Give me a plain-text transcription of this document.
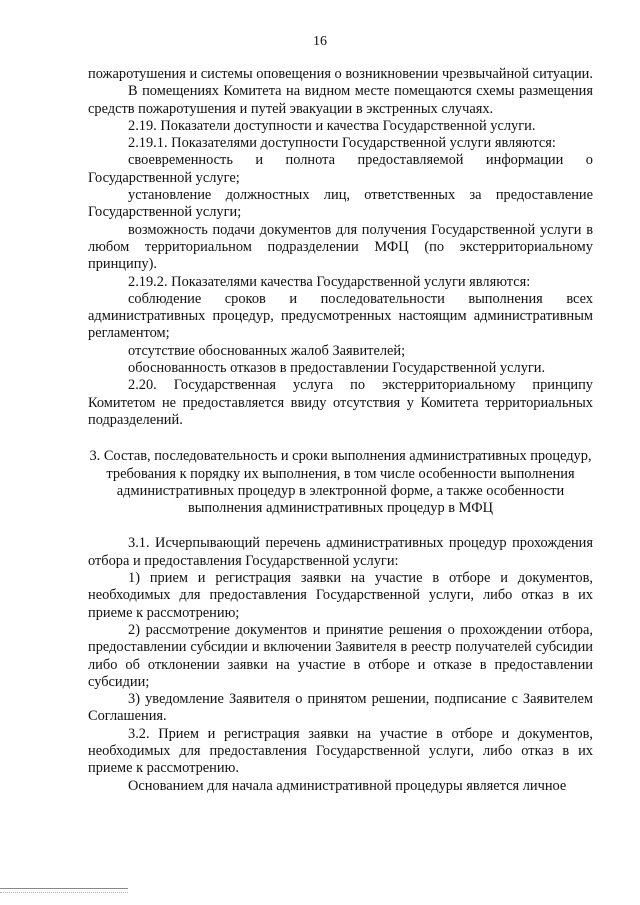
16

пожаротушения и системы оповещения о возникновении чрезвычайной ситуации.

В помещениях Комитета на видном месте помещаются схемы размещения средств пожаротушения и путей эвакуации в экстренных случаях.

2.19. Показатели доступности и качества Государственной услуги.

2.19.1. Показателями доступности Государственной услуги являются:

своевременность и полнота предоставляемой информации о Государственной услуге;

установление должностных лиц, ответственных за предоставление Государственной услуги;

возможность подачи документов для получения Государственной услуги в любом территориальном подразделении МФЦ (по экстерриториальному принципу).

2.19.2. Показателями качества Государственной услуги являются:

соблюдение сроков и последовательности выполнения всех административных процедур, предусмотренных настоящим административным регламентом;

отсутствие обоснованных жалоб Заявителей;

обоснованность отказов в предоставлении Государственной услуги.

2.20. Государственная услуга по экстерриториальному принципу Комитетом не предоставляется ввиду отсутствия у Комитета территориальных подразделений.

3. Состав, последовательность и сроки выполнения административных процедур, требования к порядку их выполнения, в том числе особенности выполнения административных процедур в электронной форме, а также особенности выполнения административных процедур в МФЦ

3.1. Исчерпывающий перечень административных процедур прохождения отбора и предоставления Государственной услуги:

1) прием и регистрация заявки на участие в отборе и документов, необходимых для предоставления Государственной услуги, либо отказ в их приеме к рассмотрению;

2) рассмотрение документов и принятие решения о прохождении отбора, предоставлении субсидии и включении Заявителя в реестр получателей субсидии либо об отклонении заявки на участие в отборе и отказе в предоставлении субсидии;

3) уведомление Заявителя о принятом решении, подписание с Заявителем Соглашения.

3.2. Прием и регистрация заявки на участие в отборе и документов, необходимых для предоставления Государственной услуги, либо отказ в их приеме к рассмотрению.

Основанием для начала административной процедуры является личное
